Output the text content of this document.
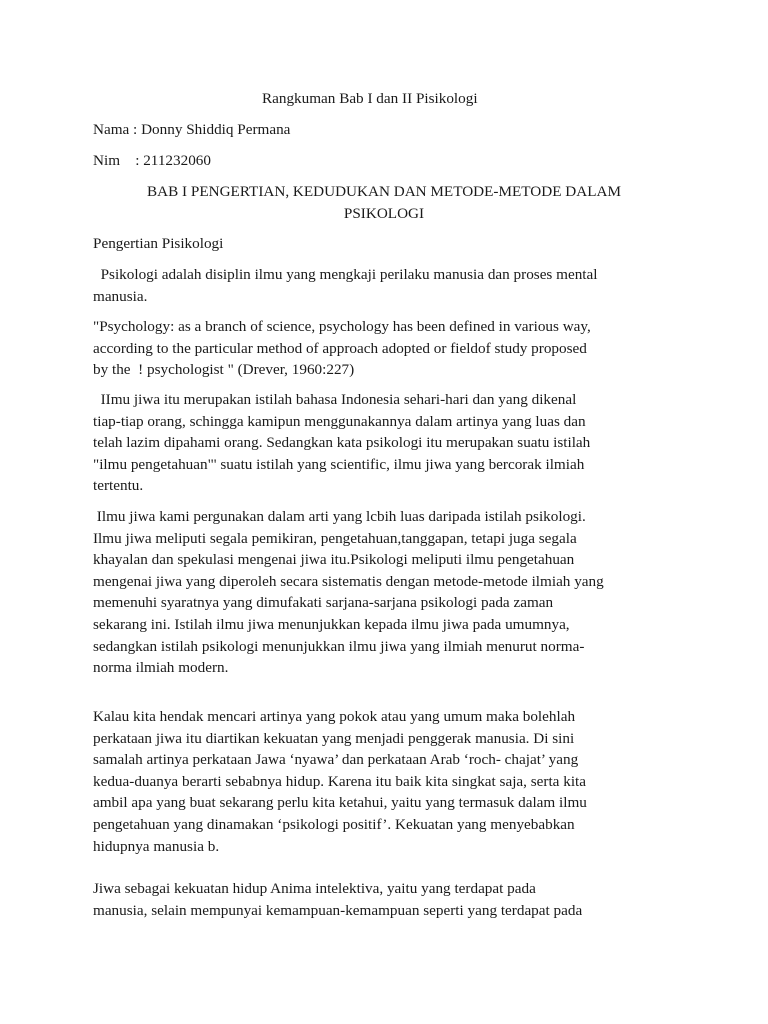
Rangkuman Bab I dan II Pisikologi
Nama : Donny Shiddiq Permana
Nim    : 211232060
BAB I PENGERTIAN, KEDUDUKAN DAN METODE-METODE DALAM
PSIKOLOGI
Pengertian Pisikologi
Psikologi adalah disiplin ilmu yang mengkaji perilaku manusia dan proses mental
manusia.
"Psychology: as a branch of science, psychology has been defined in various way,
according to the particular method of approach adopted or fieldof study proposed
by the  ! psychologist " (Drever, 1960:227)
IImu jiwa itu merupakan istilah bahasa Indonesia sehari-hari dan yang dikenal
tiap-tiap orang, schingga kamipun menggunakannya dalam artinya yang luas dan
telah lazim dipahami orang. Sedangkan kata psikologi itu merupakan suatu istilah
"ilmu pengetahuan"' suatu istilah yang scientific, ilmu jiwa yang bercorak ilmiah
tertentu.
Ilmu jiwa kami pergunakan dalam arti yang lcbih luas daripada istilah psikologi.
Ilmu jiwa meliputi segala pemikiran, pengetahuan,tanggapan, tetapi juga segala
khayalan dan spekulasi mengenai jiwa itu.Psikologi meliputi ilmu pengetahuan
mengenai jiwa yang diperoleh secara sistematis dengan metode-metode ilmiah yang
memenuhi syaratnya yang dimufakati sarjana-sarjana psikologi pada zaman
sekarang ini. Istilah ilmu jiwa menunjukkan kepada ilmu jiwa pada umumnya,
sedangkan istilah psikologi menunjukkan ilmu jiwa yang ilmiah menurut norma-
norma ilmiah modern.
Kalau kita hendak mencari artinya yang pokok atau yang umum maka bolehlah
perkataan jiwa itu diartikan kekuatan yang menjadi penggerak manusia. Di sini
samalah artinya perkataan Jawa ‘nyawa’ dan perkataan Arab ‘roch- chajat’ yang
kedua-duanya berarti sebabnya hidup. Karena itu baik kita singkat saja, serta kita
ambil apa yang buat sekarang perlu kita ketahui, yaitu yang termasuk dalam ilmu
pengetahuan yang dinamakan ‘psikologi positif’. Kekuatan yang menyebabkan
hidupnya manusia b.
Jiwa sebagai kekuatan hidup Anima intelektiva, yaitu yang terdapat pada
manusia, selain mempunyai kemampuan-kemampuan seperti yang terdapat pada
